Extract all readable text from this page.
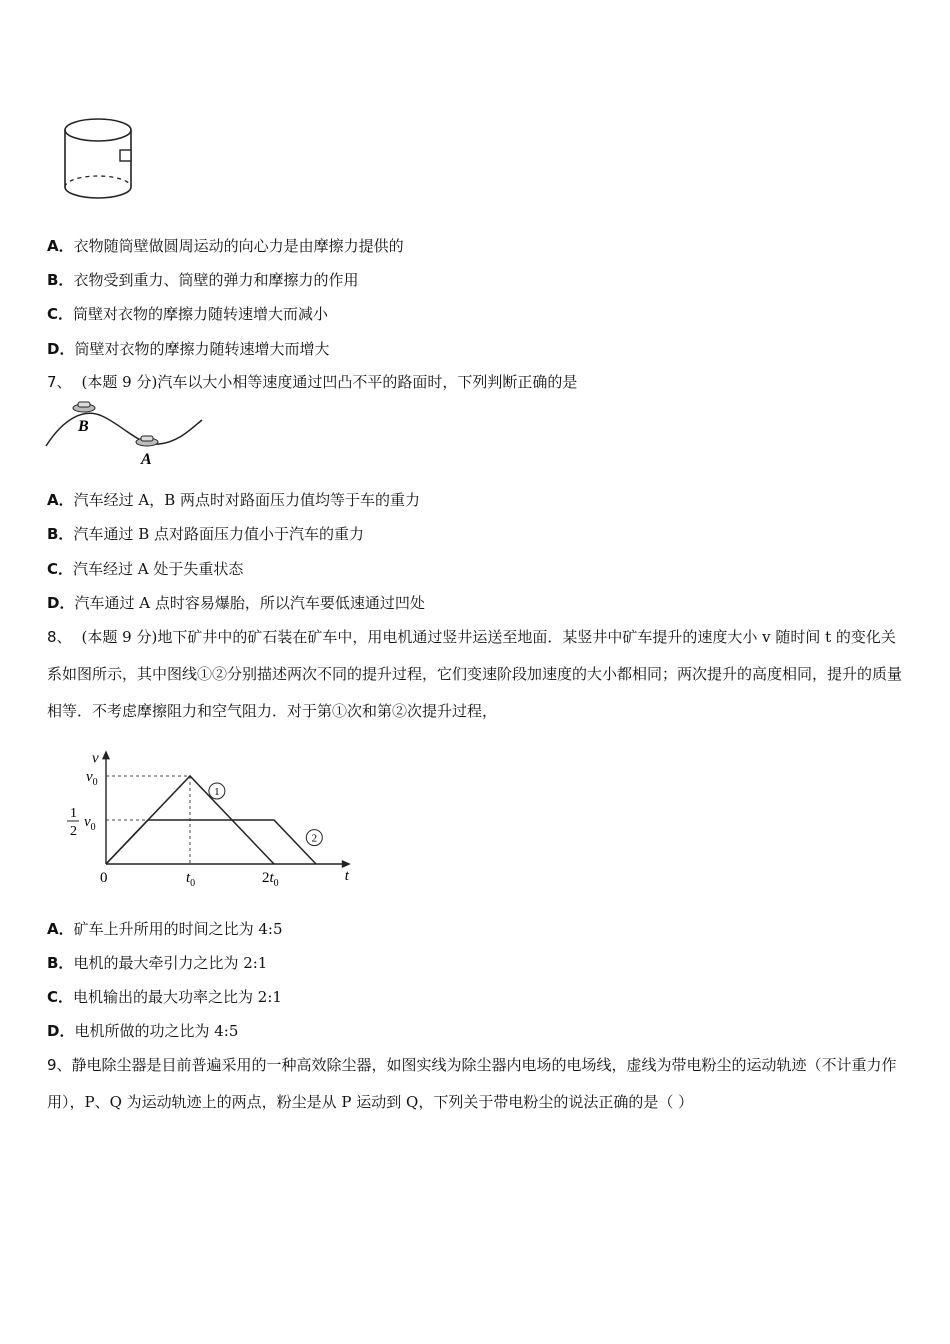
A．衣物随筒壁做圆周运动的向心力是由摩擦力提供的
B．衣物受到重力、筒壁的弹力和摩擦力的作用
C．筒壁对衣物的摩擦力随转速增大而减小
D．筒壁对衣物的摩擦力随转速增大而增大
7、 (本题 9 分)汽车以大小相等速度通过凹凸不平的路面时，下列判断正确的是
B
A
A．汽车经过 A，B 两点时对路面压力值均等于车的重力
B．汽车通过 B 点对路面压力值小于汽车的重力
C．汽车经过 A 处于失重状态
D．汽车通过 A 点时容易爆胎，所以汽车要低速通过凹处
8、 (本题 9 分)地下矿井中的矿石装在矿车中，用电机通过竖井运送至地面．某竖井中矿车提升的速度大小 v 随时间 t 的变化关系如图所示，其中图线①②分别描述两次不同的提升过程，它们变速阶段加速度的大小都相同；两次提升的高度相同，提升的质量相等．不考虑摩擦阻力和空气阻力．对于第①次和第②次提升过程，
v
t
0	$t_0$	$2t_0$
$v_0$
1
2
$v_0$
1
2
A．矿车上升所用的时间之比为 4:5
B．电机的最大牵引力之比为 2:1
C．电机输出的最大功率之比为 2:1
D．电机所做的功之比为 4:5
9、静电除尘器是目前普遍采用的一种高效除尘器，如图实线为除尘器内电场的电场线，虚线为带电粉尘的运动轨迹（不计重力作用），P、Q 为运动轨迹上的两点，粉尘是从 P 运动到 Q，下列关于带电粉尘的说法正确的是（ ）
